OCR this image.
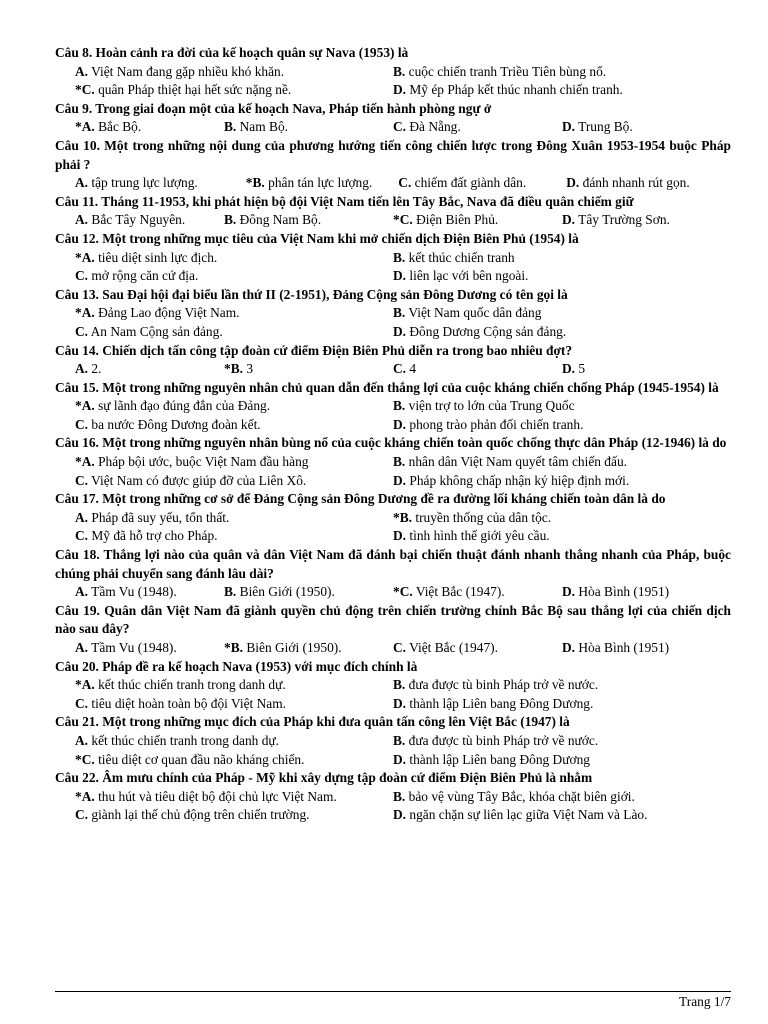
Câu 8. Hoàn cảnh ra đời của kế hoạch quân sự Nava (1953) là
A. Việt Nam đang gặp nhiều khó khăn.	B. cuộc chiến tranh Triều Tiên bùng nổ.
*C. quân Pháp thiệt hại hết sức nặng nề.	D. Mỹ ép Pháp kết thúc nhanh chiến tranh.
Câu 9. Trong giai đoạn một của kế hoạch Nava, Pháp tiến hành phòng ngự ở
*A. Bắc Bộ.	B. Nam Bộ.	C. Đà Nẵng.	D. Trung Bộ.
Câu 10. Một trong những nội dung của phương hướng tiến công chiến lược trong Đông Xuân 1953-1954 buộc Pháp phải ?
A. tập trung lực lượng.	*B. phân tán lực lượng. C. chiếm đất giành dân.	D. đánh nhanh rút gọn.
Câu 11. Tháng 11-1953, khi phát hiện bộ đội Việt Nam tiến lên Tây Bắc, Nava đã điều quân chiếm giữ
A. Bắc Tây Nguyên.	B. Đông Nam Bộ.	*C. Điện Biên Phủ.	D. Tây Trường Sơn.
Câu 12. Một trong những mục tiêu của Việt Nam khi mở chiến dịch Điện Biên Phủ (1954) là
*A. tiêu diệt sinh lực địch.	B. kết thúc chiến tranh
C. mở rộng căn cứ địa.	D. liên lạc với bên ngoài.
Câu 13. Sau Đại hội đại biểu lần thứ II (2-1951), Đảng Cộng sản Đông Dương có tên gọi là
*A. Đảng Lao động Việt Nam.	B. Việt Nam quốc dân đảng
C. An Nam Cộng sản đảng.	D. Đông Dương Cộng sản đảng.
Câu 14. Chiến dịch tấn công tập đoàn cứ điểm Điện Biên Phủ diễn ra trong bao nhiêu đợt?
A. 2.	*B. 3	C. 4	D. 5
Câu 15. Một trong những nguyên nhân chủ quan dẫn đến thắng lợi của cuộc kháng chiến chống Pháp (1945-1954) là
*A. sự lãnh đạo đúng đắn của Đảng.	B. viện trợ to lớn của Trung Quốc
C. ba nước Đông Dương đoàn kết.	D. phong trào phản đối chiến tranh.
Câu 16. Một trong những nguyên nhân bùng nổ của cuộc kháng chiến toàn quốc chống thực dân Pháp (12-1946) là do
*A. Pháp bội ước, buộc Việt Nam đầu hàng	B. nhân dân Việt Nam quyết tâm chiến đấu.
C. Việt Nam có được giúp đỡ của Liên Xô.	D. Pháp không chấp nhận ký hiệp định mới.
Câu 17. Một trong những cơ sở để Đảng Cộng sản Đông Dương đề ra đường lối kháng chiến toàn dân là do
A. Pháp đã suy yếu, tổn thất.	*B. truyền thống của dân tộc.
C. Mỹ đã hỗ trợ cho Pháp.	D. tình hình thế giới yêu cầu.
Câu 18. Thắng lợi nào của quân và dân Việt Nam đã đánh bại chiến thuật đánh nhanh thắng nhanh của Pháp, buộc chúng phải chuyển sang đánh lâu dài?
A. Tầm Vu (1948).	B. Biên Giới (1950).	*C. Việt Bắc (1947).	D. Hòa Bình (1951)
Câu 19. Quân dân Việt Nam đã giành quyền chủ động trên chiến trường chính Bắc Bộ sau thắng lợi của chiến dịch nào sau đây?
A. Tầm Vu (1948).	*B. Biên Giới (1950).	C. Việt Bắc (1947).	D. Hòa Bình (1951)
Câu 20. Pháp đề ra kế hoạch Nava (1953) với mục đích chính là
*A. kết thúc chiến tranh trong danh dự.	B. đưa được tù binh Pháp trở về nước.
C. tiêu diệt hoàn toàn bộ đội Việt Nam.	D. thành lập Liên bang Đông Dương.
Câu 21. Một trong những mục đích của Pháp khi đưa quân tấn công lên Việt Bắc (1947) là
A. kết thúc chiến tranh trong danh dự.	B. đưa được tù binh Pháp trở về nước.
*C. tiêu diệt cơ quan đầu não kháng chiến.	D. thành lập Liên bang Đông Dương
Câu 22. Âm mưu chính của Pháp - Mỹ khi xây dựng tập đoàn cứ điểm Điện Biên Phủ là nhằm
*A. thu hút và tiêu diệt bộ đội chủ lực Việt Nam.	B. bảo vệ vùng Tây Bắc, khóa chặt biên giới.
C. giành lại thế chủ động trên chiến trường.	D. ngăn chặn sự liên lạc giữa Việt Nam và Lào.
Trang 1/7
